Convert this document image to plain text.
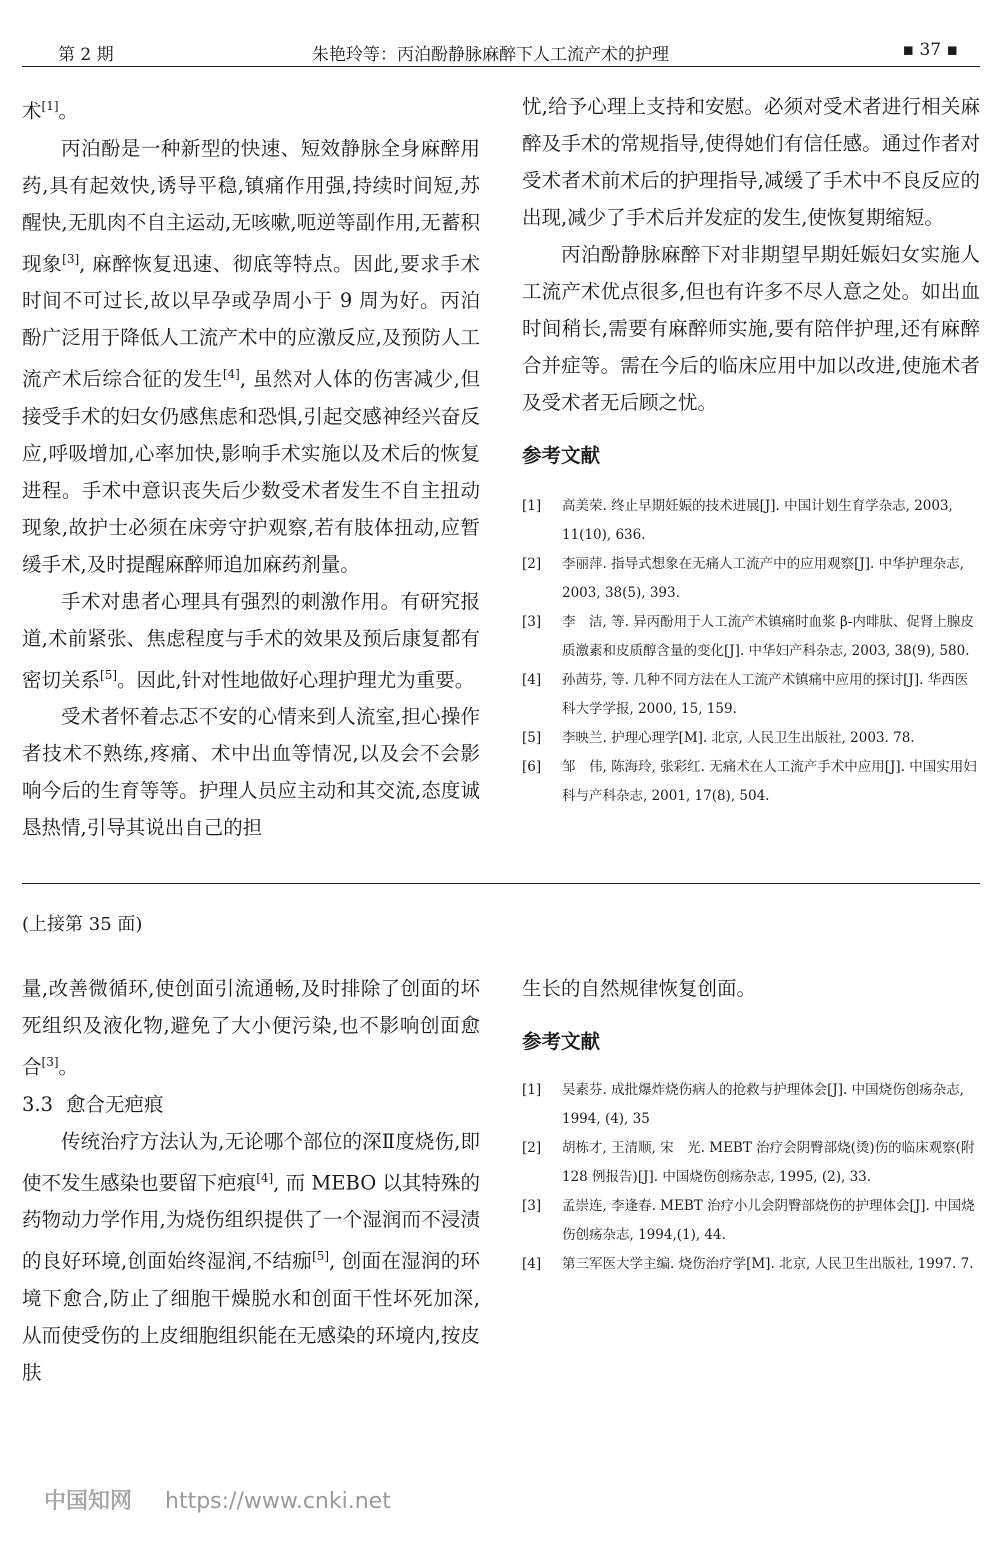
第 2 期	朱艳玲等：丙泊酚静脉麻醉下人工流产术的护理	▪ 37 ▪

术[1]。

丙泊酚是一种新型的快速、短效静脉全身麻醉用药,具有起效快,诱导平稳,镇痛作用强,持续时间短,苏醒快,无肌肉不自主运动,无咳嗽,呃逆等副作用,无蓄积现象[3], 麻醉恢复迅速、彻底等特点。因此,要求手术时间不可过长,故以早孕或孕周小于 9 周为好。丙泊酚广泛用于降低人工流产术中的应激反应,及预防人工流产术后综合征的发生[4], 虽然对人体的伤害减少,但接受手术的妇女仍感焦虑和恐惧,引起交感神经兴奋反应,呼吸增加,心率加快,影响手术实施以及术后的恢复进程。手术中意识丧失后少数受术者发生不自主扭动现象,故护士必须在床旁守护观察,若有肢体扭动,应暂缓手术,及时提醒麻醉师追加麻药剂量。

手术对患者心理具有强烈的刺激作用。有研究报道,术前紧张、焦虑程度与手术的效果及预后康复都有密切关系[5]。因此,针对性地做好心理护理尤为重要。

受术者怀着忐忑不安的心情来到人流室,担心操作者技术不熟练,疼痛、术中出血等情况,以及会不会影响今后的生育等等。护理人员应主动和其交流,态度诚恳热情,引导其说出自己的担

忧,给予心理上支持和安慰。必须对受术者进行相关麻醉及手术的常规指导,使得她们有信任感。通过作者对受术者术前术后的护理指导,减缓了手术中不良反应的出现,减少了手术后并发症的发生,使恢复期缩短。

丙泊酚静脉麻醉下对非期望早期妊娠妇女实施人工流产术优点很多,但也有许多不尽人意之处。如出血时间稍长,需要有麻醉师实施,要有陪伴护理,还有麻醉合并症等。需在今后的临床应用中加以改进,使施术者及受术者无后顾之忧。

参考文献

[1] 高美荣. 终止早期妊娠的技术进展[J]. 中国计划生育学杂志, 2003, 11(10), 636.
[2] 李丽萍. 指导式想象在无痛人工流产中的应用观察[J]. 中华护理杂志, 2003, 38(5), 393.
[3] 李　洁, 等. 异丙酚用于人工流产术镇痛时血浆 β-内啡肽、促肾上腺皮质激素和皮质醇含量的变化[J]. 中华妇产科杂志, 2003, 38(9), 580.
[4] 孙茜芬, 等. 几种不同方法在人工流产术镇痛中应用的探讨[J]. 华西医科大学学报, 2000, 15, 159.
[5] 李映兰. 护理心理学[M]. 北京, 人民卫生出版社, 2003. 78.
[6] 邹　伟, 陈海玲, 张彩红. 无痛术在人工流产手术中应用[J]. 中国实用妇科与产科杂志, 2001, 17(8), 504.
(上接第 35 面)

量,改善微循环,使创面引流通畅,及时排除了创面的坏死组织及液化物,避免了大小便污染,也不影响创面愈合[3]。

3.3 愈合无疤痕

传统治疗方法认为,无论哪个部位的深Ⅱ度烧伤,即使不发生感染也要留下疤痕[4], 而 MEBO 以其特殊的药物动力学作用,为烧伤组织提供了一个湿润而不浸渍的良好环境,创面始终湿润,不结痂[5], 创面在湿润的环境下愈合,防止了细胞干燥脱水和创面干性坏死加深,从而使受伤的上皮细胞组织能在无感染的环境内,按皮肤

生长的自然规律恢复创面。

参考文献

[1] 吴素芬. 成批爆炸烧伤病人的抢救与护理体会[J]. 中国烧伤创疡杂志, 1994, (4), 35
[2] 胡栋才, 王清顺, 宋　光. MEBT 治疗会阴臀部烧(烫)伤的临床观察(附 128 例报告)[J]. 中国烧伤创疡杂志, 1995, (2), 33.
[3] 孟崇连, 李逢春. MEBT 治疗小儿会阴臀部烧伤的护理体会[J]. 中国烧伤创疡杂志, 1994,(1), 44.
[4] 第三军医大学主编. 烧伤治疗学[M]. 北京, 人民卫生出版社, 1997. 7.
中国知网 https://www.cnki.net
